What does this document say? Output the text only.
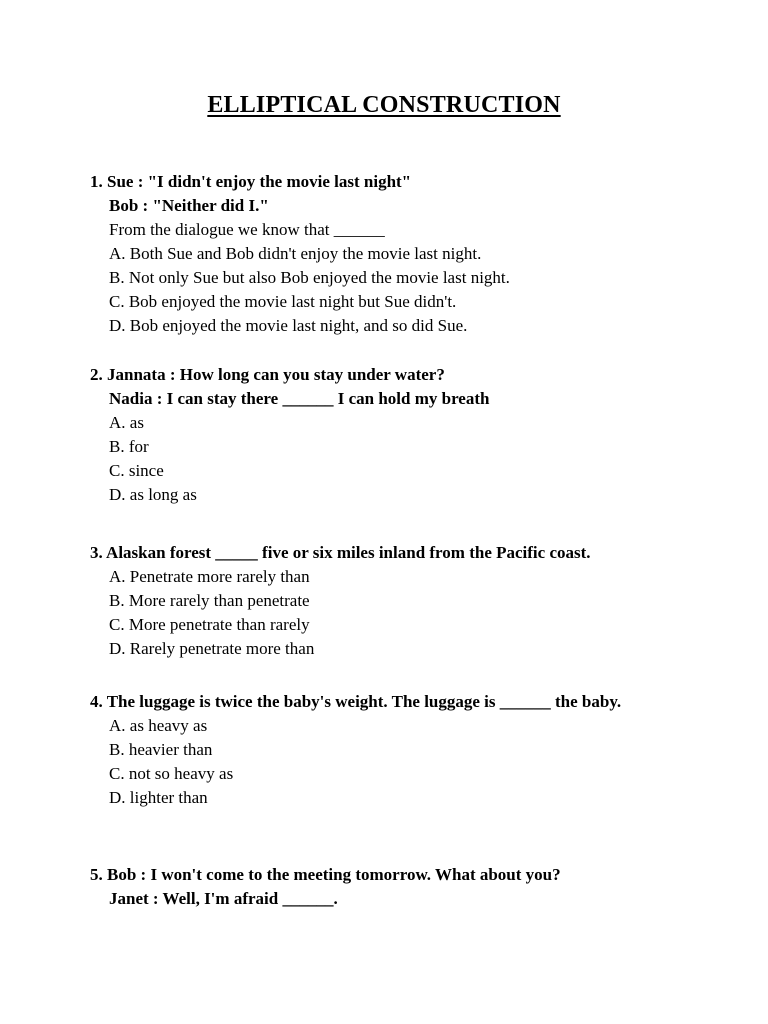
ELLIPTICAL CONSTRUCTION
1. Sue : "I didn't enjoy the movie last night"
Bob : "Neither did I."
From the dialogue we know that ______
A. Both Sue and Bob didn't enjoy the movie last night.
B. Not only Sue but also Bob enjoyed the movie last night.
C. Bob enjoyed the movie last night but Sue didn't.
D. Bob enjoyed the movie last night, and so did Sue.
2. Jannata : How long can you stay under water?
Nadia : I can stay there ______ I can hold my breath
A. as
B. for
C. since
D. as long as
3. Alaskan forest _____ five or six miles inland from the Pacific coast.
A. Penetrate more rarely than
B. More rarely than penetrate
C. More penetrate than rarely
D. Rarely penetrate more than
4. The luggage is twice the baby's weight. The luggage is ______ the baby.
A. as heavy as
B. heavier than
C. not so heavy as
D. lighter than
5. Bob : I won't come to the meeting tomorrow. What about you?
Janet : Well, I'm afraid ______.
